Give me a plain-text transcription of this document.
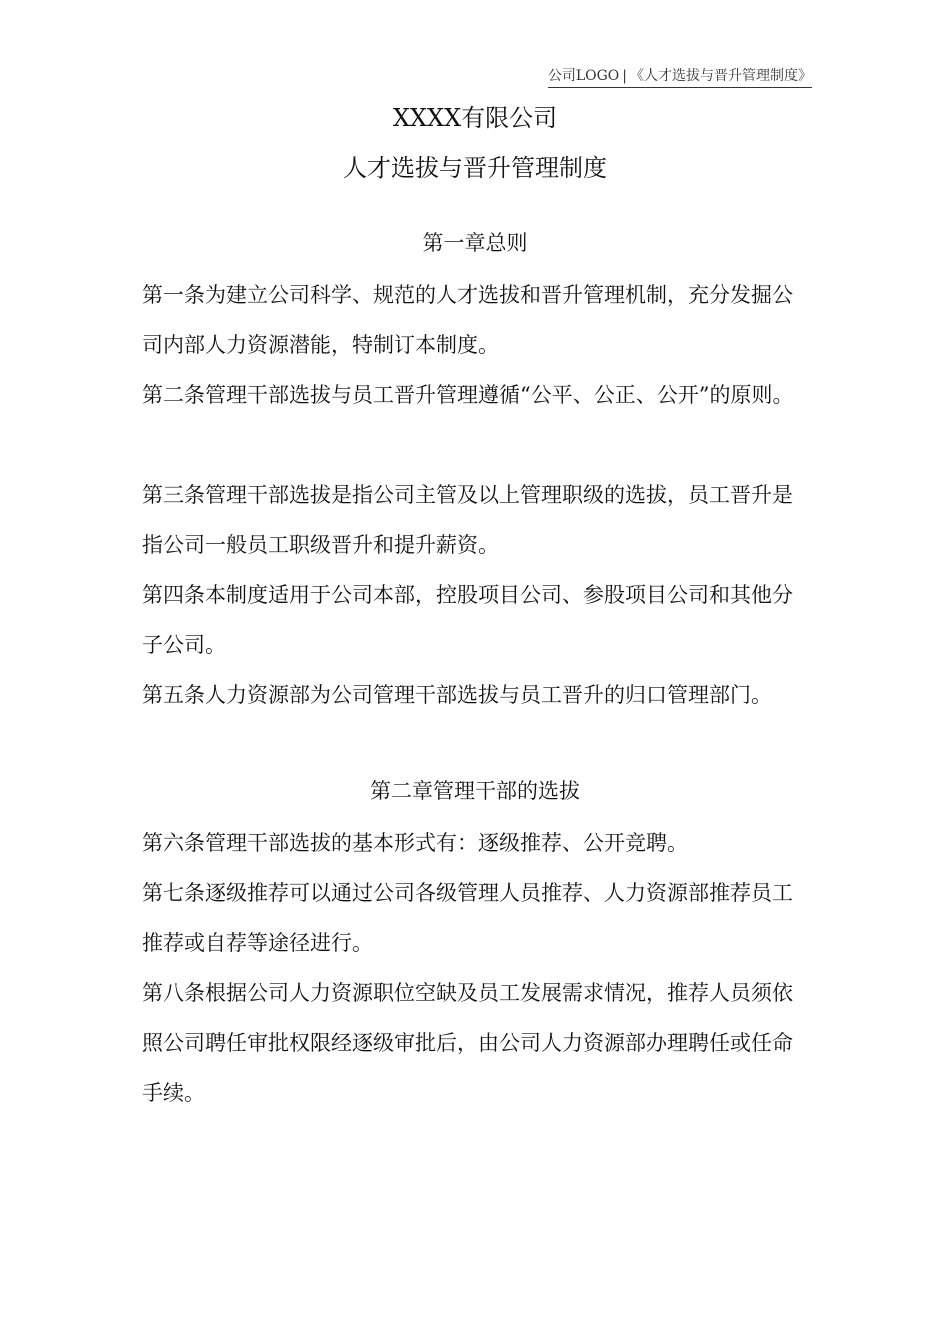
公司LOGO | 《人才选拔与晋升管理制度》
XXXX有限公司
人才选拔与晋升管理制度
第一章总则

第一条为建立公司科学、规范的人才选拔和晋升管理机制，充分发掘公司内部人力资源潜能，特制订本制度。

第二条管理干部选拔与员工晋升管理遵循“公平、公正、公开”的原则。

第三条管理干部选拔是指公司主管及以上管理职级的选拔，员工晋升是指公司一般员工职级晋升和提升薪资。

第四条本制度适用于公司本部，控股项目公司、参股项目公司和其他分子公司。

第五条人力资源部为公司管理干部选拔与员工晋升的归口管理部门。

第二章管理干部的选拔

第六条管理干部选拔的基本形式有：逐级推荐、公开竞聘。

第七条逐级推荐可以通过公司各级管理人员推荐、人力资源部推荐员工推荐或自荐等途径进行。

第八条根据公司人力资源职位空缺及员工发展需求情况，推荐人员须依照公司聘任审批权限经逐级审批后，由公司人力资源部办理聘任或任命手续。
